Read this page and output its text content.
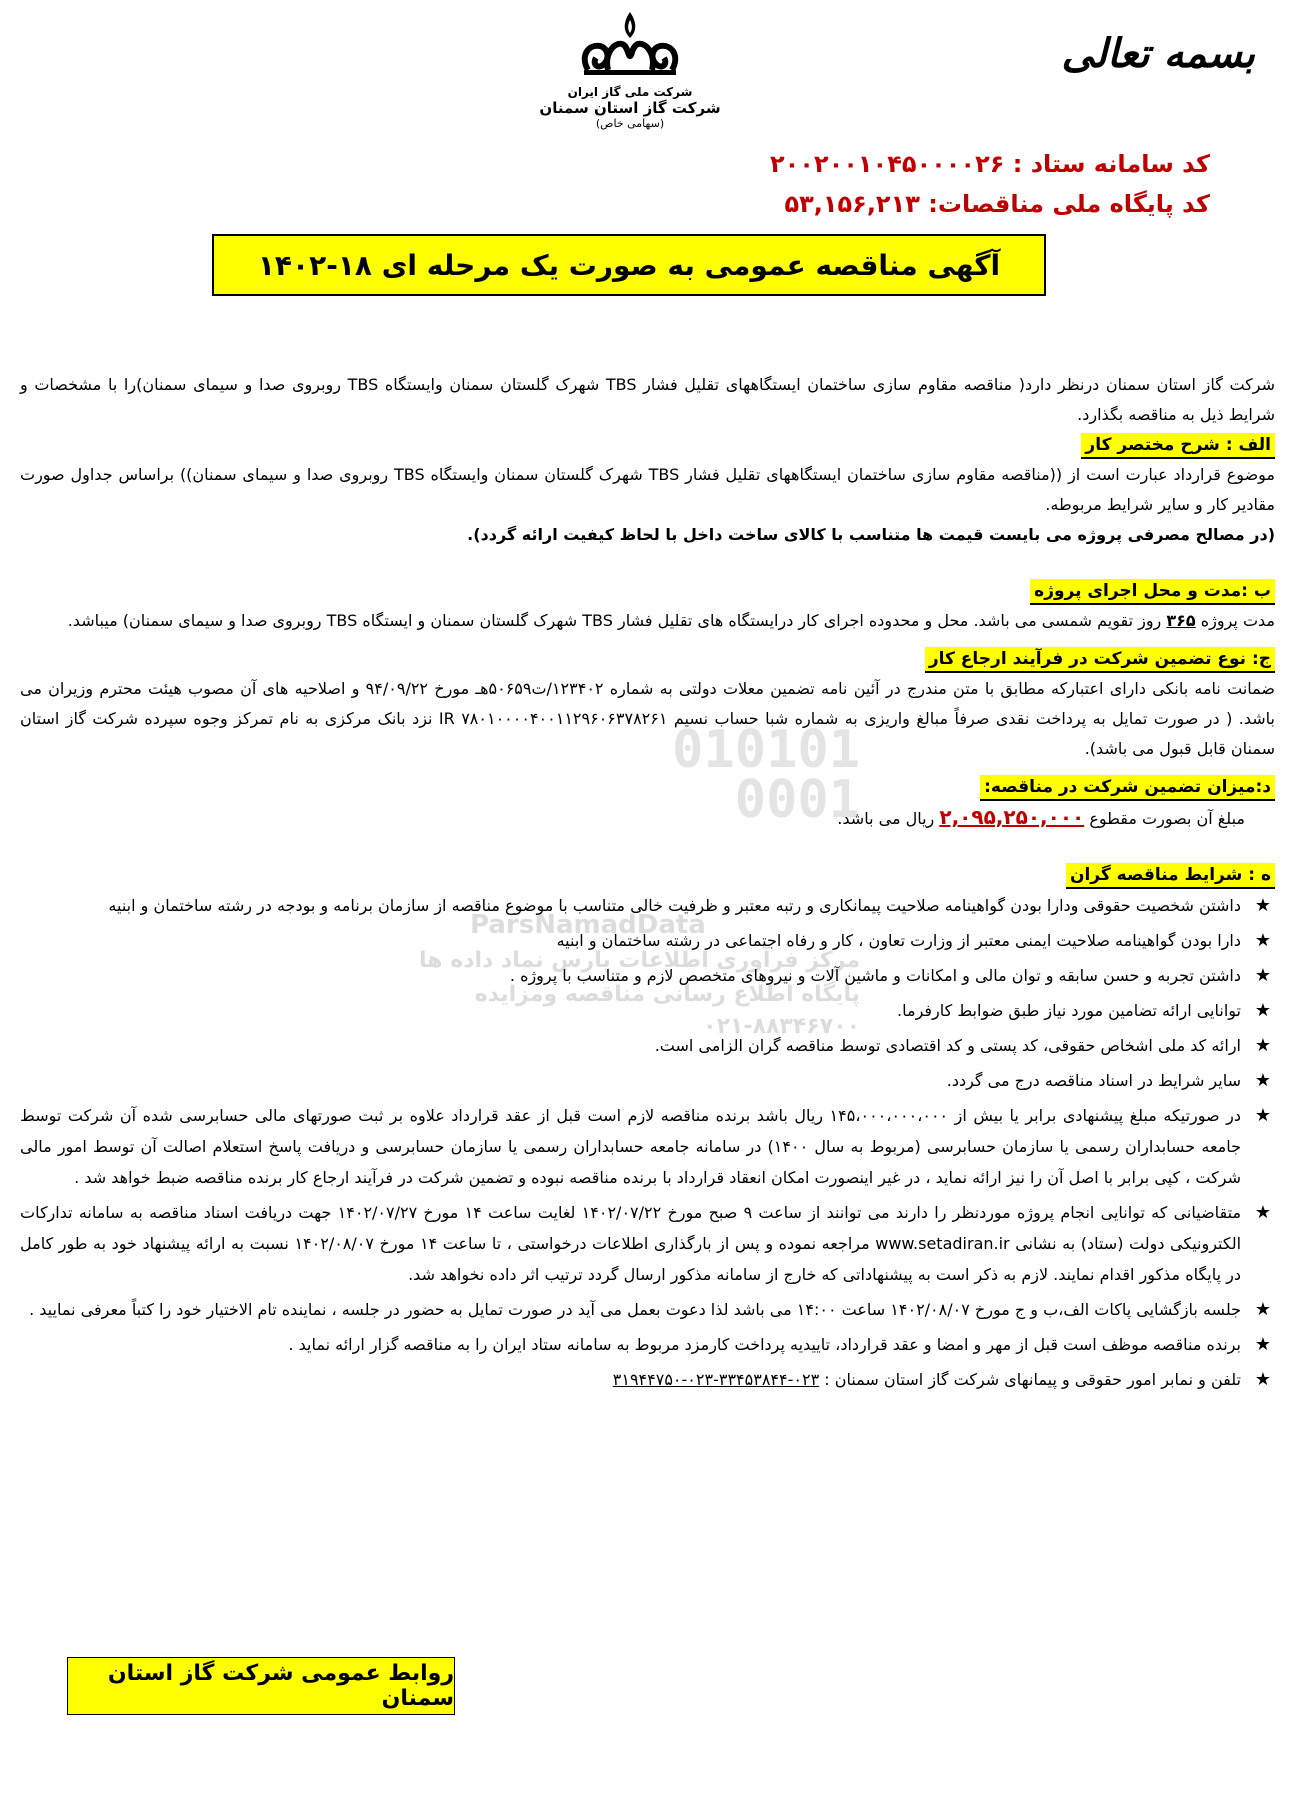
شرکت ملی گاز ایران
شرکت گاز استان سمنان
(سهامی خاص)
بسمه تعالی
کد سامانه ستاد : ۲۰۰۲۰۰۱۰۴۵۰۰۰۰۲۶
کد پایگاه ملی مناقصات: ۵۳,۱۵۶,۲۱۳
آگهی مناقصه عمومی به صورت یک مرحله ای ۱۸-۱۴۰۲
010101
0001
ParsNamadData
مرکز فرآوری اطلاعات پارس نماد داده ها
پایگاه اطلاع رسانی مناقصه ومزایده
۰۲۱-۸۸۳۴۶۷۰۰

شرکت گاز استان سمنان درنظر دارد( مناقصه مقاوم سازی ساختمان ایستگاههای تقلیل فشار TBS شهرک گلستان سمنان وایستگاه TBS روبروی صدا و سیمای سمنان)را با مشخصات و شرایط ذیل به مناقصه بگذارد.

الف : شرح مختصر کار

موضوع قرارداد عبارت است از ((مناقصه مقاوم سازی ساختمان ایستگاههای تقلیل فشار TBS شهرک گلستان سمنان وایستگاه TBS روبروی صدا و سیمای سمنان)) براساس جداول صورت مقادیر کار و سایر شرایط مربوطه.

(در مصالح مصرفی پروژه می بایست قیمت ها متناسب با کالای ساخت داخل با لحاظ کیفیت ارائه گردد).

ب :مدت و محل اجرای پروژه

مدت پروژه ۳۶۵ روز تقویم شمسی می باشد. محل و محدوده اجرای کار درایستگاه های تقلیل فشار TBS شهرک گلستان سمنان و ایستگاه TBS روبروی صدا و سیمای سمنان) میباشد.

ج: نوع تضمین شرکت در فرآیند ارجاع کار

ضمانت نامه بانکی دارای اعتبارکه مطابق با متن مندرج در آئین نامه تضمین معلات دولتی به شماره ۱۲۳۴۰۲/ت۵۰۶۵۹هـ مورخ ۹۴/۰۹/۲۲ و اصلاحیه های آن مصوب هیئت محترم وزیران می باشد. ( در صورت تمایل به پرداخت نقدی صرفاً مبالغ واریزی به شماره شبا حساب نسیم IR ۷۸۰۱۰۰۰۰۴۰۰۱۱۲۹۶۰۶۳۷۸۲۶۱ نزد بانک مرکزی به نام تمرکز وجوه سپرده شرکت گاز استان سمنان قابل قبول می باشد).

د:میزان تضمین شرکت در مناقصه:

مبلغ آن بصورت مقطوع ۲,۰۹۵,۲۵۰,۰۰۰ ریال می باشد.

ه : شرایط مناقصه گران
★
داشتن شخصیت حقوقی ودارا بودن گواهینامه صلاحیت پیمانکاری و رتبه معتبر و ظرفیت خالی متناسب با موضوع مناقصه از سازمان برنامه و بودجه در رشته ساختمان و ابنیه
★
دارا بودن گواهینامه صلاحیت ایمنی معتبر از وزارت تعاون ، کار و رفاه اجتماعی در رشته ساختمان و ابنیه
★
داشتن تجربه و حسن سابقه و توان مالی و امکانات و ماشین آلات و نیروهای متخصص لازم و متناسب با پروژه .
★
توانایی ارائه تضامین مورد نیاز طبق ضوابط کارفرما.
★
ارائه کد ملی اشخاص حقوقی، کد پستی و کد اقتصادی توسط مناقصه گران الزامی است.
★
سایر شرایط در اسناد مناقصه درج می گردد.
★
در صورتیکه مبلغ پیشنهادی برابر یا بیش از ۱۴۵،۰۰۰،۰۰۰،۰۰۰ ریال باشد برنده مناقصه لازم است قبل از عقد قرارداد علاوه بر ثبت صورتهای مالی حسابرسی شده آن شرکت توسط جامعه حسابداران رسمی یا سازمان حسابرسی (مربوط به سال ۱۴۰۰) در سامانه جامعه حسابداران رسمی یا سازمان حسابرسی و دریافت پاسخ استعلام اصالت آن توسط امور مالی شرکت ، کپی برابر با اصل آن را نیز ارائه نماید ، در غیر اینصورت امکان انعقاد قرارداد با برنده مناقصه نبوده و تضمین شرکت در فرآیند ارجاع کار برنده مناقصه ضبط خواهد شد .
★
متقاضیانی که توانایی انجام پروژه موردنظر را دارند می توانند از ساعت ۹ صبح مورخ ۱۴۰۲/۰۷/۲۲ لغایت ساعت ۱۴ مورخ ۱۴۰۲/۰۷/۲۷ جهت دریافت اسناد مناقصه به سامانه تدارکات الکترونیکی دولت (ستاد) به نشانی www.setadiran.ir مراجعه نموده و پس از بارگذاری اطلاعات درخواستی ، تا ساعت ۱۴ مورخ ۱۴۰۲/۰۸/۰۷ نسبت به ارائه پیشنهاد خود به طور کامل در پایگاه مذکور اقدام نمایند. لازم به ذکر است به پیشنهاداتی که خارج از سامانه مذکور ارسال گردد ترتیب اثر داده نخواهد شد.
★
جلسه بازگشایی پاکات الف،ب و ج مورخ ۱۴۰۲/۰۸/۰۷ ساعت ۱۴:۰۰ می باشد لذا دعوت بعمل می آید در صورت تمایل به حضور در جلسه ، نماینده تام الاختیار خود را کتباً معرفی نمایید .
★
برنده مناقصه موظف است قبل از مهر و امضا و عقد قرارداد، تاییدیه پرداخت کارمزد مربوط به سامانه ستاد ایران را به مناقصه گزار ارائه نماید .
★
تلفن و نمابر امور حقوقی و پیمانهای شرکت گاز استان سمنان : ۰۲۳-۳۳۴۵۳۸۴۴-۰۲۳-۳۱۹۴۴۷۵۰
روابط عمومی شرکت گاز استان سمنان
